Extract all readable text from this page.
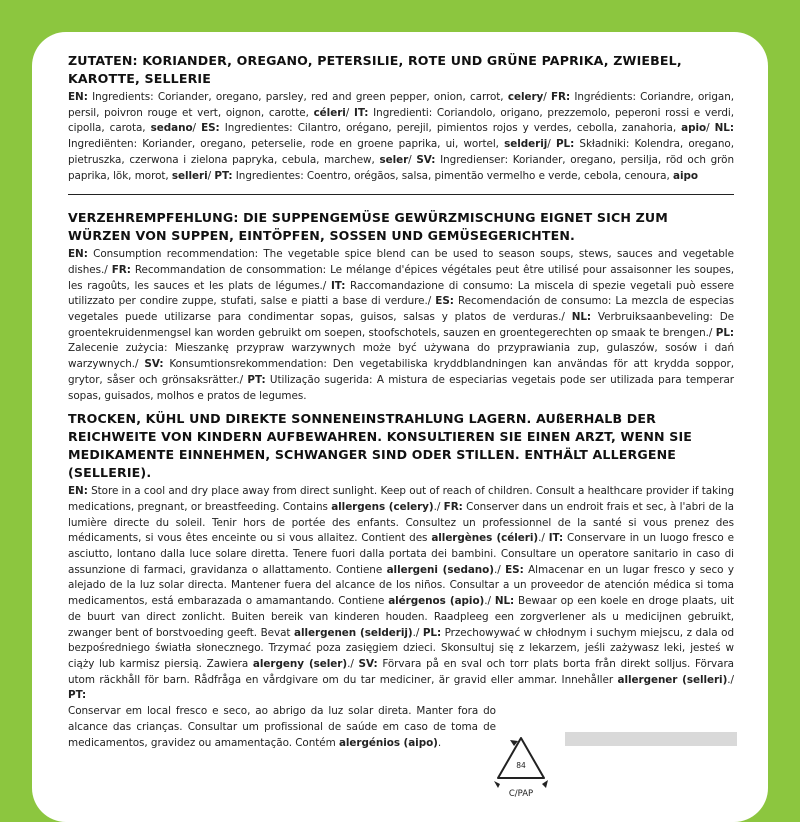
ZUTATEN: KORIANDER, OREGANO, PETERSILIE, ROTE UND GRÜNE PAPRIKA, ZWIEBEL, KAROTTE, SELLERIE

EN: Ingredients: Coriander, oregano, parsley, red and green pepper, onion, carrot, celery/ FR: Ingrédients: Coriandre, origan, persil, poivron rouge et vert, oignon, carotte, céleri/ IT: Ingredienti: Coriandolo, origano, prezzemolo, peperoni rossi e verdi, cipolla, carota, sedano/ ES: Ingredientes: Cilantro, orégano, perejil, pimientos rojos y verdes, cebolla, zanahoria, apio/ NL: Ingrediënten: Koriander, oregano, peterselie, rode en groene paprika, ui, wortel, selderij/ PL: Składniki: Kolendra, oregano, pietruszka, czerwona i zielona papryka, cebula, marchew, seler/ SV: Ingredienser: Koriander, oregano, persilja, röd och grön paprika, lök, morot, selleri/ PT: Ingredientes: Coentro, orégãos, salsa, pimentão vermelho e verde, cebola, cenoura, aipo

VERZEHREMPFEHLUNG: DIE SUPPENGEMÜSE GEWÜRZMISCHUNG EIGNET SICH ZUM WÜRZEN VON SUPPEN, EINTÖPFEN, SOSSEN UND GEMÜSEGERICHTEN.

EN: Consumption recommendation: The vegetable spice blend can be used to season soups, stews, sauces and vegetable dishes./ FR: Recommandation de consommation: Le mélange d'épices végétales peut être utilisé pour assaisonner les soupes, les ragoûts, les sauces et les plats de légumes./ IT: Raccomandazione di consumo: La miscela di spezie vegetali può essere utilizzato per condire zuppe, stufati, salse e piatti a base di verdure./ ES: Recomendación de consumo: La mezcla de especias vegetales puede utilizarse para condimentar sopas, guisos, salsas y platos de verduras./ NL: Verbruiksaanbeveling: De groentekruidenmengsel kan worden gebruikt om soepen, stoofschotels, sauzen en groentegerechten op smaak te brengen./ PL: Zalecenie zużycia: Mieszankę przypraw warzywnych może być używana do przyprawiania zup, gulaszów, sosów i dań warzywnych./ SV: Konsumtionsrekommendation: Den vegetabiliska kryddblandningen kan användas för att krydda soppor, grytor, såser och grönsaksrätter./ PT: Utilização sugerida: A mistura de especiarias vegetais pode ser utilizada para temperar sopas, guisados, molhos e pratos de legumes.

TROCKEN, KÜHL UND DIREKTE SONNENEINSTRAHLUNG LAGERN. AUßERHALB DER REICHWEITE VON KINDERN AUFBEWAHREN. KONSULTIEREN SIE EINEN ARZT, WENN SIE MEDIKAMENTE EINNEHMEN, SCHWANGER SIND ODER STILLEN. ENTHÄLT ALLERGENE (SELLERIE).

EN: Store in a cool and dry place away from direct sunlight. Keep out of reach of children. Consult a healthcare provider if taking medications, pregnant, or breastfeeding. Contains allergens (celery)./ FR: Conserver dans un endroit frais et sec, à l'abri de la lumière directe du soleil. Tenir hors de portée des enfants. Consultez un professionnel de la santé si vous prenez des médicaments, si vous êtes enceinte ou si vous allaitez. Contient des allergènes (céleri)./ IT: Conservare in un luogo fresco e asciutto, lontano dalla luce solare diretta. Tenere fuori dalla portata dei bambini. Consultare un operatore sanitario in caso di assunzione di farmaci, gravidanza o allattamento. Contiene allergeni (sedano)./ ES: Almacenar en un lugar fresco y seco y alejado de la luz solar directa. Mantener fuera del alcance de los niños. Consultar a un proveedor de atención médica si toma medicamentos, está embarazada o amamantando. Contiene alérgenos (apio)./ NL: Bewaar op een koele en droge plaats, uit de buurt van direct zonlicht. Buiten bereik van kinderen houden. Raadpleeg een zorgverlener als u medicijnen gebruikt, zwanger bent of borstvoeding geeft. Bevat allergenen (selderij)./ PL: Przechowywać w chłodnym i suchym miejscu, z dala od bezpośredniego światła słonecznego. Trzymać poza zasięgiem dzieci. Skonsultuj się z lekarzem, jeśli zażywasz leki, jesteś w ciąży lub karmisz piersią. Zawiera alergeny (seler)./ SV: Förvara på en sval och torr plats borta från direkt solljus. Förvara utom räckhåll för barn. Rådfråga en vårdgivare om du tar mediciner, är gravid eller ammar. Innehåller allergener (selleri)./ PT:

Conservar em local fresco e seco, ao abrigo da luz solar direta. Manter fora do alcance das crianças. Consultar um profissional de saúde em caso de toma de medicamentos, gravidez ou amamentação. Contém alergénios (aipo).

84
C/PAP
